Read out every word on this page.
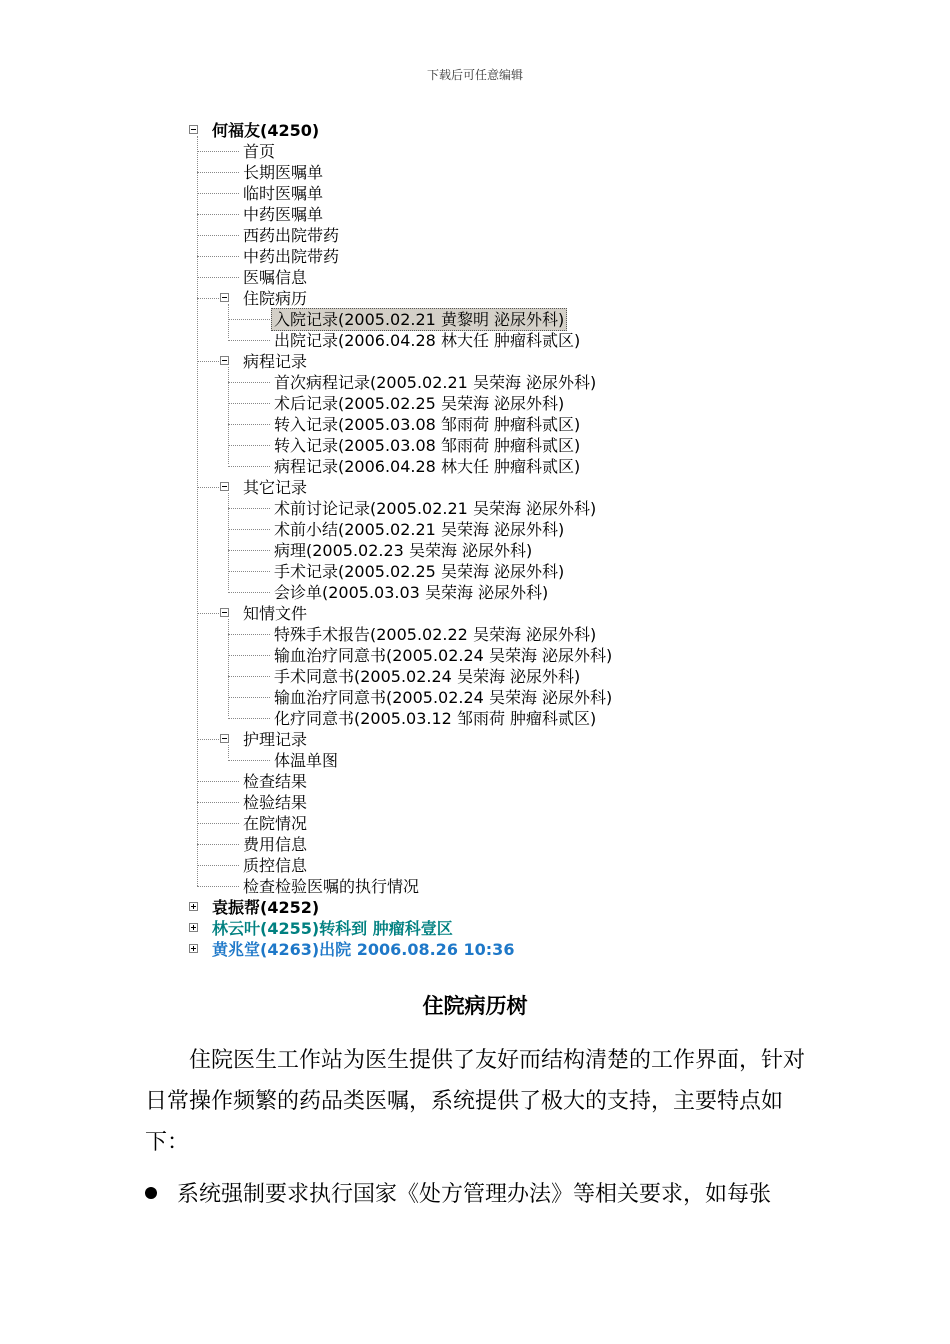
下载后可任意编辑
何福友(4250)
首页
长期医嘱单
临时医嘱单
中药医嘱单
西药出院带药
中药出院带药
医嘱信息
住院病历
入院记录(2005.02.21 黄黎明 泌尿外科)
出院记录(2006.04.28 林大任 肿瘤科贰区)
病程记录
首次病程记录(2005.02.21 吴荣海 泌尿外科)
术后记录(2005.02.25 吴荣海 泌尿外科)
转入记录(2005.03.08 邹雨荷 肿瘤科贰区)
转入记录(2005.03.08 邹雨荷 肿瘤科贰区)
病程记录(2006.04.28 林大任 肿瘤科贰区)
其它记录
术前讨论记录(2005.02.21 吴荣海 泌尿外科)
术前小结(2005.02.21 吴荣海 泌尿外科)
病理(2005.02.23 吴荣海 泌尿外科)
手术记录(2005.02.25 吴荣海 泌尿外科)
会诊单(2005.03.03 吴荣海 泌尿外科)
知情文件
特殊手术报告(2005.02.22 吴荣海 泌尿外科)
输血治疗同意书(2005.02.24 吴荣海 泌尿外科)
手术同意书(2005.02.24 吴荣海 泌尿外科)
输血治疗同意书(2005.02.24 吴荣海 泌尿外科)
化疗同意书(2005.03.12 邹雨荷 肿瘤科贰区)
护理记录
体温单图
检查结果
检验结果
在院情况
费用信息
质控信息
检查检验医嘱的执行情况
袁振帮(4252)
林云叶(4255)转科到 肿瘤科壹区
黄兆堂(4263)出院 2006.08.26 10:36
住院病历树

住院医生工作站为医生提供了友好而结构清楚的工作界面，针对日常操作频繁的药品类医嘱，系统提供了极大的支持，主要特点如下：

系统强制要求执行国家《处方管理办法》等相关要求，如每张
